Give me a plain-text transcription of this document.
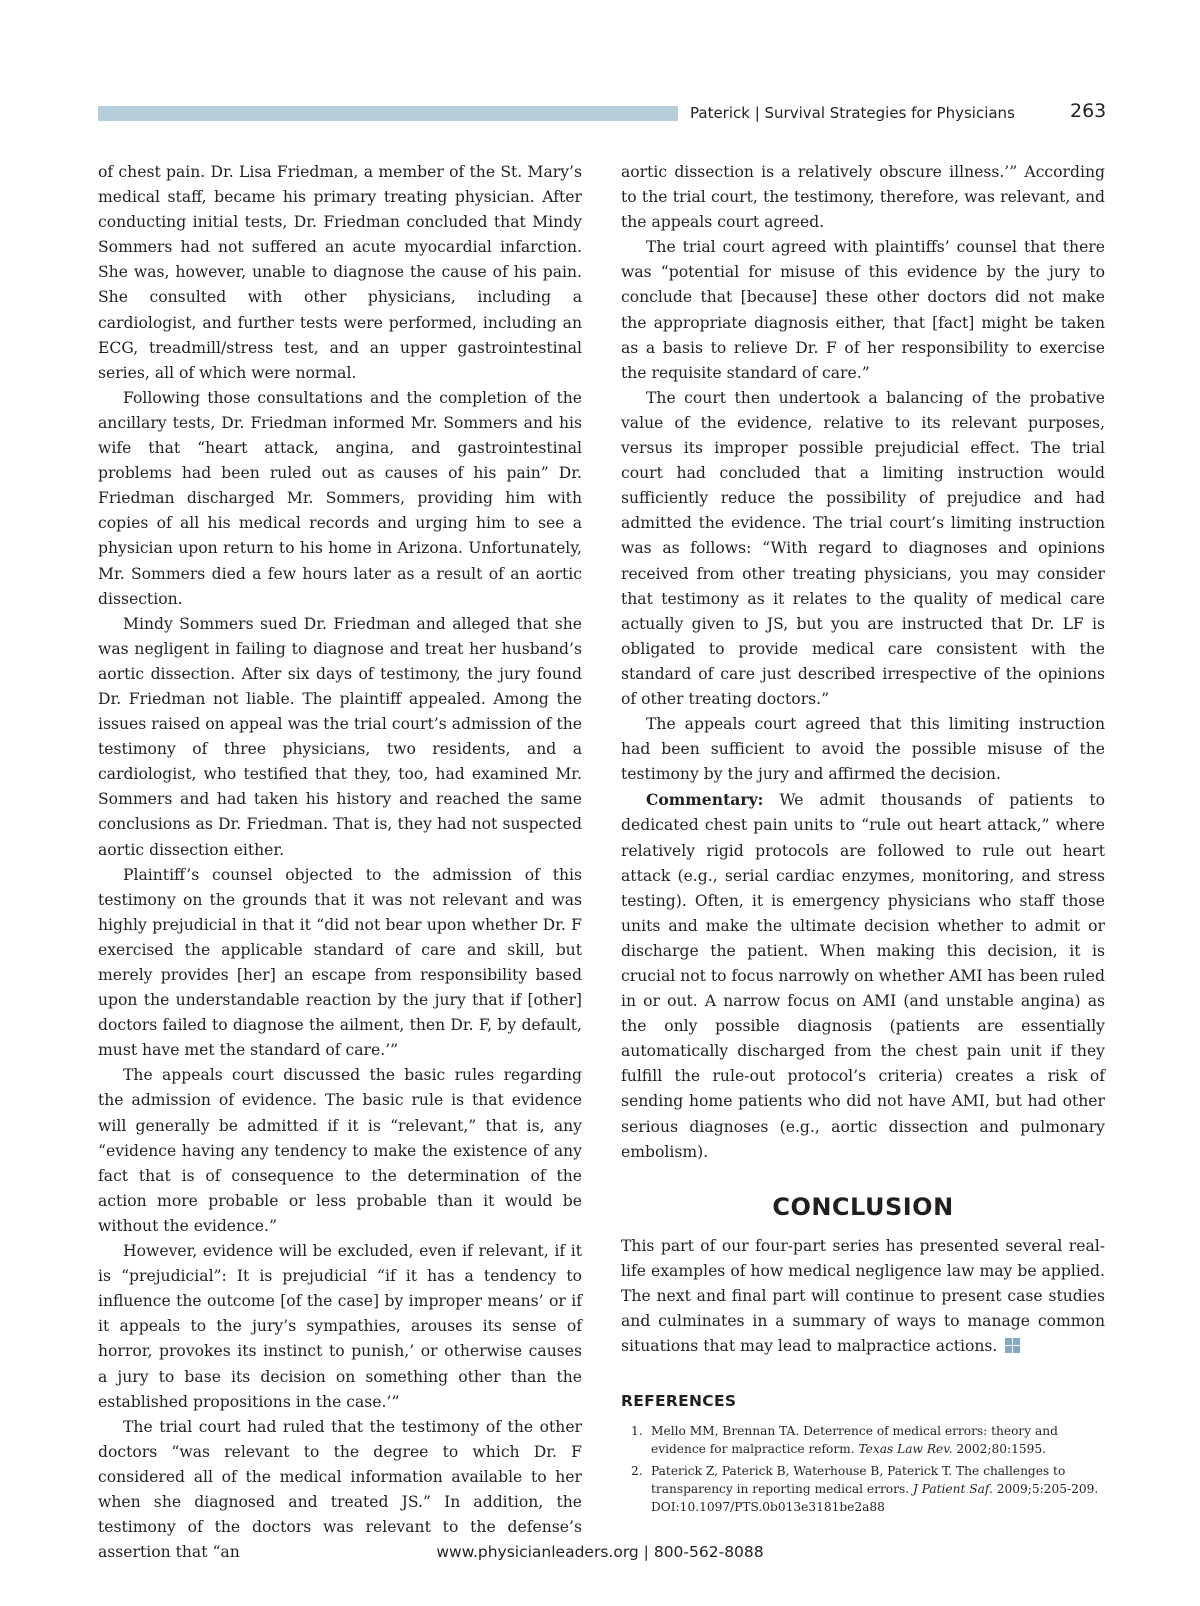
Paterick | Survival Strategies for Physicians	263

of chest pain. Dr. Lisa Friedman, a member of the St. Mary’s medical staff, became his primary treating physician. After conducting initial tests, Dr. Friedman concluded that Mindy Sommers had not suffered an acute myocardial infarction. She was, however, unable to diagnose the cause of his pain. She consulted with other physicians, including a cardiologist, and further tests were performed, including an ECG, treadmill/stress test, and an upper gastrointestinal series, all of which were normal.

Following those consultations and the completion of the ancillary tests, Dr. Friedman informed Mr. Sommers and his wife that “heart attack, angina, and gastrointestinal problems had been ruled out as causes of his pain” Dr. Friedman discharged Mr. Sommers, providing him with copies of all his medical records and urging him to see a physician upon return to his home in Arizona. Unfortunately, Mr. Sommers died a few hours later as a result of an aortic dissection.

Mindy Sommers sued Dr. Friedman and alleged that she was negligent in failing to diagnose and treat her husband’s aortic dissection. After six days of testimony, the jury found Dr. Friedman not liable. The plaintiff appealed. Among the issues raised on appeal was the trial court’s admission of the testimony of three physicians, two residents, and a cardiologist, who testified that they, too, had examined Mr. Sommers and had taken his history and reached the same conclusions as Dr. Friedman. That is, they had not suspected aortic dissection either.

Plaintiff’s counsel objected to the admission of this testimony on the grounds that it was not relevant and was highly prejudicial in that it “did not bear upon whether Dr. F exercised the applicable standard of care and skill, but merely provides [her] an escape from responsibility based upon the understandable reaction by the jury that if [other] doctors failed to diagnose the ailment, then Dr. F, by default, must have met the standard of care.’”

The appeals court discussed the basic rules regarding the admission of evidence. The basic rule is that evidence will generally be admitted if it is “relevant,” that is, any “evidence having any tendency to make the existence of any fact that is of consequence to the determination of the action more probable or less probable than it would be without the evidence.”

However, evidence will be excluded, even if relevant, if it is “prejudicial”: It is prejudicial “if it has a tendency to influence the outcome [of the case] by improper means’ or if it appeals to the jury’s sympathies, arouses its sense of horror, provokes its instinct to punish,’ or otherwise causes a jury to base its decision on something other than the established propositions in the case.’”

The trial court had ruled that the testimony of the other doctors “was relevant to the degree to which Dr. F considered all of the medical information available to her when she diagnosed and treated JS.” In addition, the testimony of the doctors was relevant to the defense’s assertion that “an

aortic dissection is a relatively obscure illness.’” According to the trial court, the testimony, therefore, was relevant, and the appeals court agreed.

The trial court agreed with plaintiffs’ counsel that there was “potential for misuse of this evidence by the jury to conclude that [because] these other doctors did not make the appropriate diagnosis either, that [fact] might be taken as a basis to relieve Dr. F of her responsibility to exercise the requisite standard of care.”

The court then undertook a balancing of the probative value of the evidence, relative to its relevant purposes, versus its improper possible prejudicial effect. The trial court had concluded that a limiting instruction would sufficiently reduce the possibility of prejudice and had admitted the evidence. The trial court’s limiting instruction was as follows: “With regard to diagnoses and opinions received from other treating physicians, you may consider that testimony as it relates to the quality of medical care actually given to JS, but you are instructed that Dr. LF is obligated to provide medical care consistent with the standard of care just described irrespective of the opinions of other treating doctors.”

The appeals court agreed that this limiting instruction had been sufficient to avoid the possible misuse of the testimony by the jury and affirmed the decision.

Commentary: We admit thousands of patients to dedicated chest pain units to “rule out heart attack,” where relatively rigid protocols are followed to rule out heart attack (e.g., serial cardiac enzymes, monitoring, and stress testing). Often, it is emergency physicians who staff those units and make the ultimate decision whether to admit or discharge the patient. When making this decision, it is crucial not to focus narrowly on whether AMI has been ruled in or out. A narrow focus on AMI (and unstable angina) as the only possible diagnosis (patients are essentially automatically discharged from the chest pain unit if they fulfill the rule-out protocol’s criteria) creates a risk of sending home patients who did not have AMI, but had other serious diagnoses (e.g., aortic dissection and pulmonary embolism).

CONCLUSION

This part of our four-part series has presented several real-life examples of how medical negligence law may be applied. The next and final part will continue to present case studies and culminates in a summary of ways to manage common situations that may lead to malpractice actions.

REFERENCES
1. Mello MM, Brennan TA. Deterrence of medical errors: theory and evidence for malpractice reform. Texas Law Rev. 2002;80:1595.
2. Paterick Z, Paterick B, Waterhouse B, Paterick T. The challenges to transparency in reporting medical errors. J Patient Saf. 2009;5:205-209. DOI:10.1097/PTS.0b013e3181be2a88
www.physicianleaders.org | 800-562-8088
